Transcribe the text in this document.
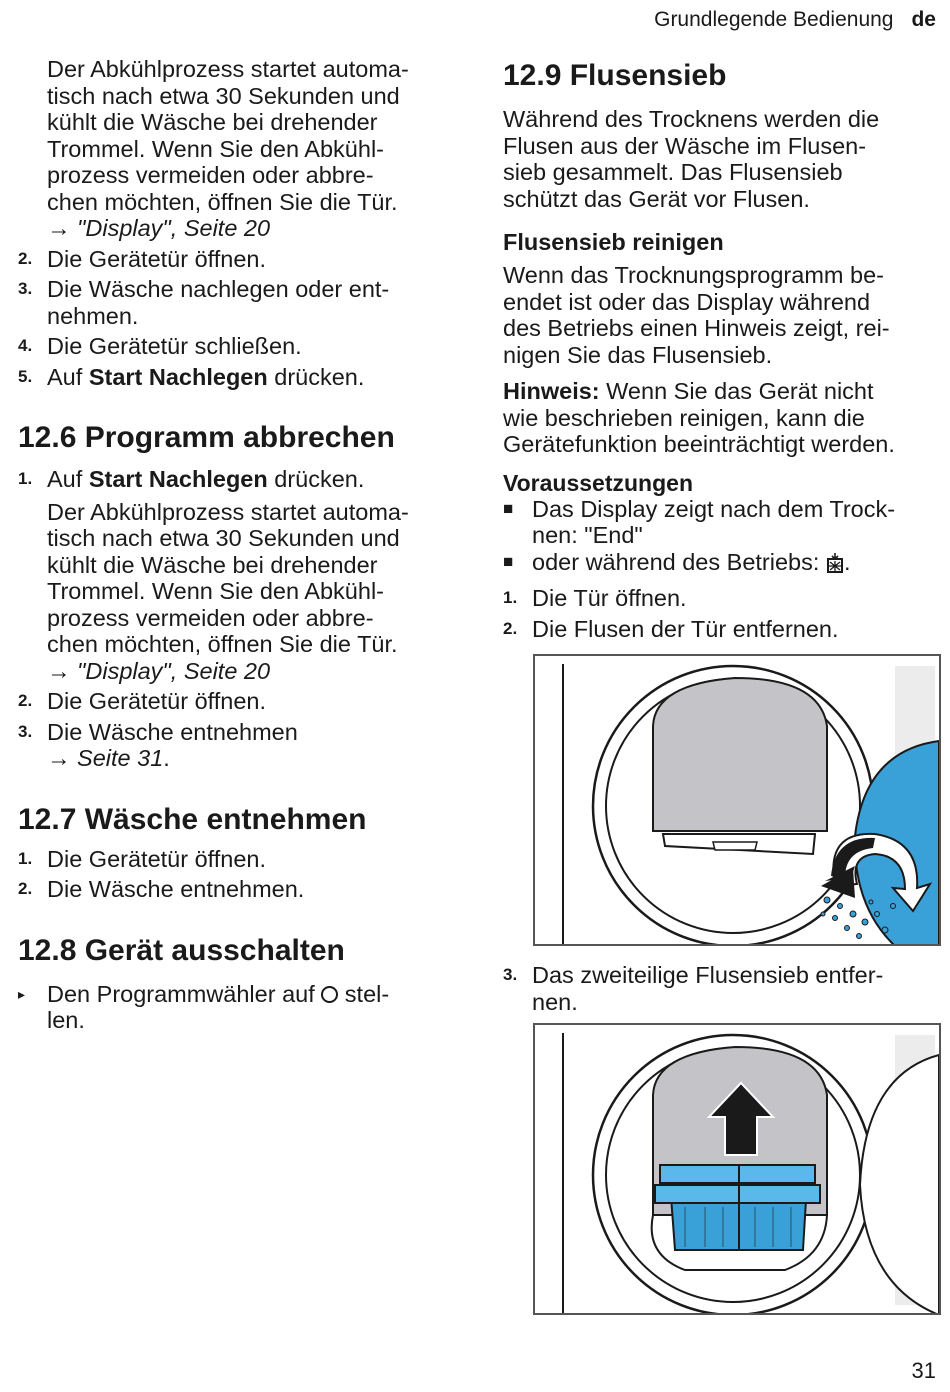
Grundlegende Bedienung de

Der Abkühlprozess startet automa-

tisch nach etwa 30 Sekunden und

kühlt die Wäsche bei drehender

Trommel. Wenn Sie den Abkühl-

prozess vermeiden oder abbre-

chen möchten, öffnen Sie die Tür.

→ "Display", Seite 20

2. Die Gerätetür öffnen.
3. Die Wäsche nachlegen oder ent-
nehmen.
4. Die Gerätetür schließen.
5. Auf Start Nachlegen drücken.
12.6 Programm abbrechen
1. Auf Start Nachlegen drücken.

Der Abkühlprozess startet automa-

tisch nach etwa 30 Sekunden und

kühlt die Wäsche bei drehender

Trommel. Wenn Sie den Abkühl-

prozess vermeiden oder abbre-

chen möchten, öffnen Sie die Tür.

→ "Display", Seite 20

2. Die Gerätetür öffnen.
3. Die Wäsche entnehmen
→ Seite 31.
12.7 Wäsche entnehmen
1. Die Gerätetür öffnen.
2. Die Wäsche entnehmen.
12.8 Gerät ausschalten
▸ Den Programmwähler auf  stel-
len.
12.9 Flusensieb

Während des Trocknens werden die

Flusen aus der Wäsche im Flusen-

sieb gesammelt. Das Flusensieb

schützt das Gerät vor Flusen.

Flusensieb reinigen

Wenn das Trocknungsprogramm be-

endet ist oder das Display während

des Betriebs einen Hinweis zeigt, rei-

nigen Sie das Flusensieb.

Hinweis: Wenn Sie das Gerät nicht

wie beschrieben reinigen, kann die

Gerätefunktion beeinträchtigt werden.

Voraussetzungen
■ Das Display zeigt nach dem Trock-
nen: "End"
■ oder während des Betriebs: .
1. Die Tür öffnen.
2. Die Flusen der Tür entfernen.
3. Das zweiteilige Flusensieb entfer-
nen.
31
